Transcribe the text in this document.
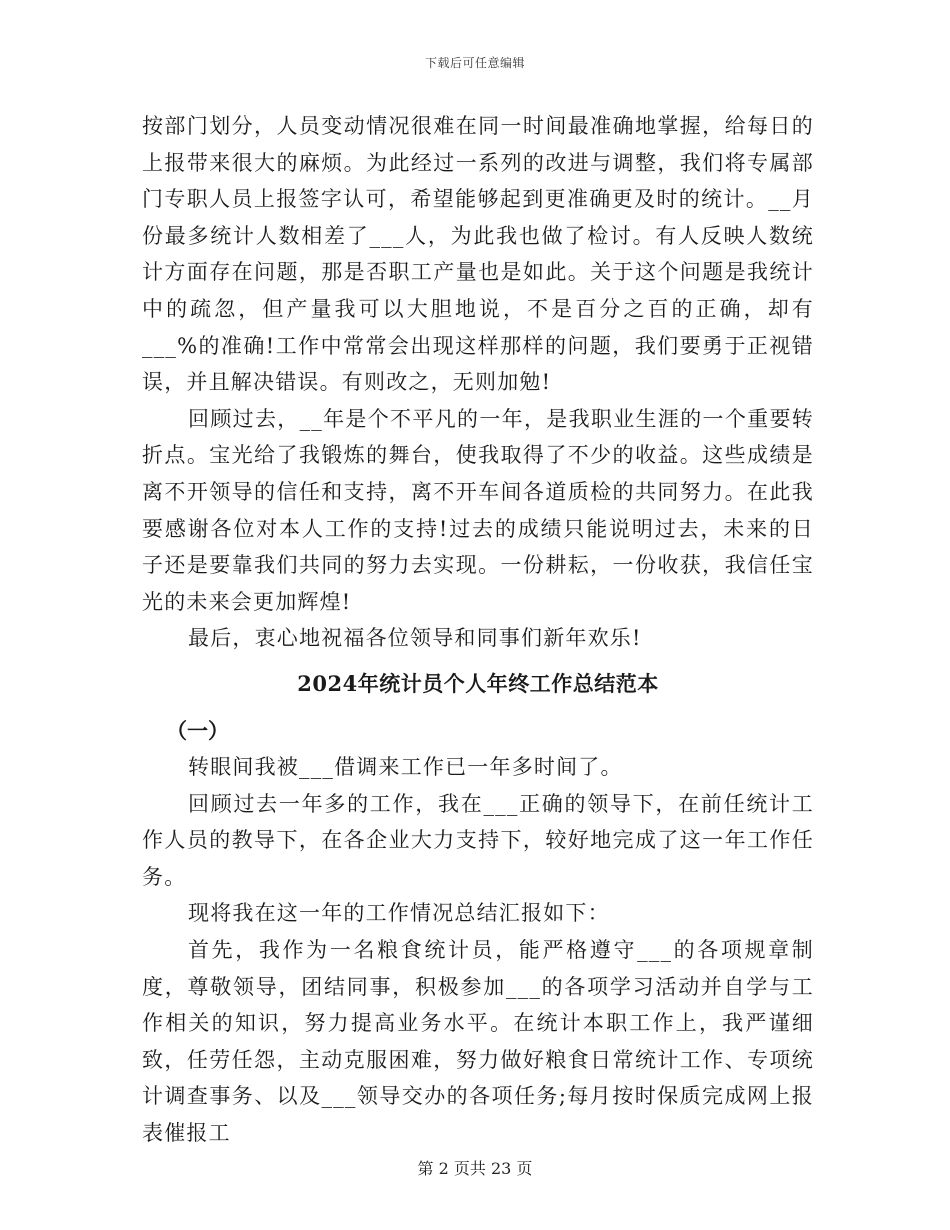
下载后可任意编辑

按部门划分，人员变动情况很难在同一时间最准确地掌握，给每日的上报带来很大的麻烦。为此经过一系列的改进与调整，我们将专属部门专职人员上报签字认可，希望能够起到更准确更及时的统计。__月份最多统计人数相差了___人，为此我也做了检讨。有人反映人数统计方面存在问题，那是否职工产量也是如此。关于这个问题是我统计中的疏忽，但产量我可以大胆地说，不是百分之百的正确，却有___%的准确!工作中常常会出现这样那样的问题，我们要勇于正视错误，并且解决错误。有则改之，无则加勉!

回顾过去，__年是个不平凡的一年，是我职业生涯的一个重要转折点。宝光给了我锻炼的舞台，使我取得了不少的收益。这些成绩是离不开领导的信任和支持，离不开车间各道质检的共同努力。在此我要感谢各位对本人工作的支持!过去的成绩只能说明过去，未来的日子还是要靠我们共同的努力去实现。一份耕耘，一份收获，我信任宝光的未来会更加辉煌!

最后，衷心地祝福各位领导和同事们新年欢乐!

2024年统计员个人年终工作总结范本
（一）

转眼间我被___借调来工作已一年多时间了。

回顾过去一年多的工作，我在___正确的领导下，在前任统计工作人员的教导下，在各企业大力支持下，较好地完成了这一年工作任务。

现将我在这一年的工作情况总结汇报如下：

首先，我作为一名粮食统计员，能严格遵守___的各项规章制度，尊敬领导，团结同事，积极参加___的各项学习活动并自学与工作相关的知识，努力提高业务水平。在统计本职工作上，我严谨细致，任劳任怨，主动克服困难，努力做好粮食日常统计工作、专项统计调查事务、以及___领导交办的各项任务;每月按时保质完成网上报表催报工

第 2 页共 23 页
